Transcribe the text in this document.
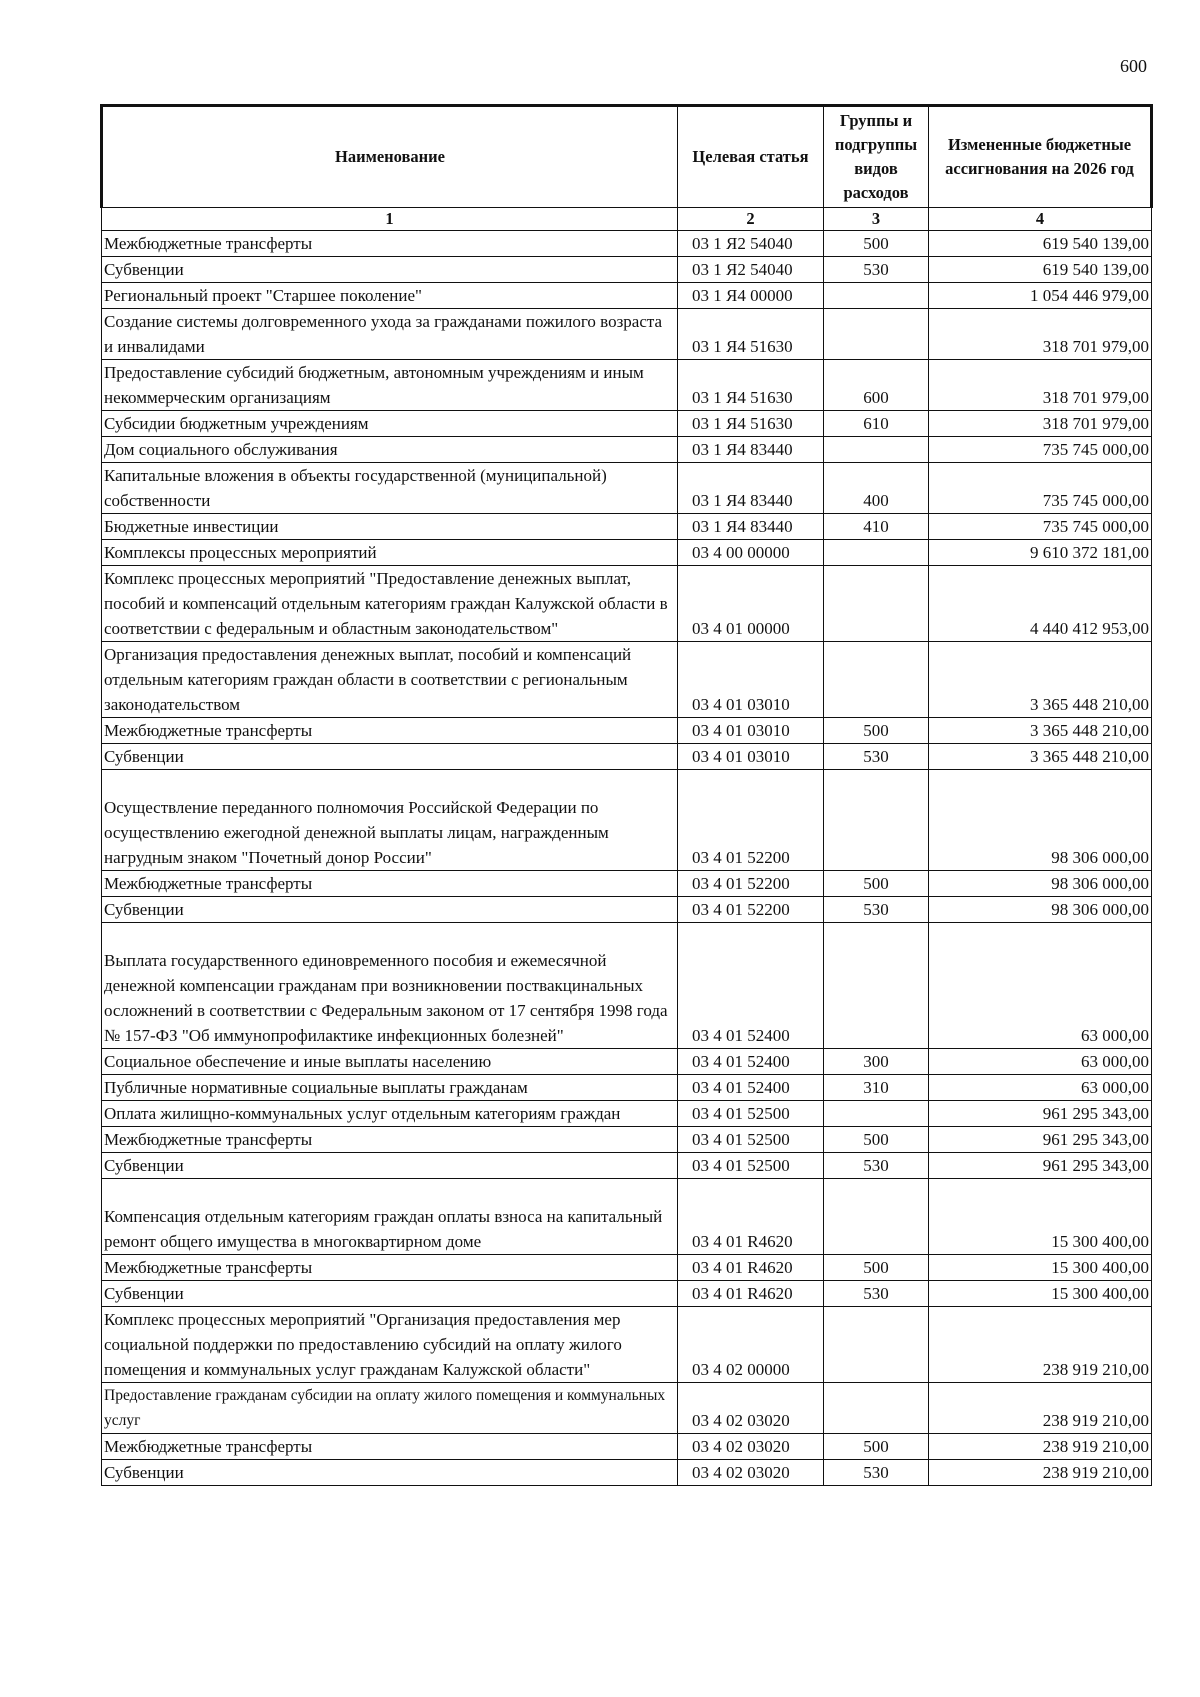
600
Наименование	Целевая статья	Группы и подгруппы видов расходов	Измененные бюджетные ассигнования на 2026 год
1	2	3	4
Межбюджетные трансферты	03 1 Я2 54040	500	619 540 139,00
Субвенции	03 1 Я2 54040	530	619 540 139,00
Региональный проект "Старшее поколение"	03 1 Я4 00000		1 054 446 979,00
Создание системы долговременного ухода за гражданами пожилого возраста и инвалидами	03 1 Я4 51630		318 701 979,00
Предоставление субсидий бюджетным, автономным учреждениям и иным некоммерческим организациям	03 1 Я4 51630	600	318 701 979,00
Субсидии бюджетным учреждениям	03 1 Я4 51630	610	318 701 979,00
Дом социального обслуживания	03 1 Я4 83440		735 745 000,00
Капитальные вложения в объекты государственной (муниципальной) собственности	03 1 Я4 83440	400	735 745 000,00
Бюджетные инвестиции	03 1 Я4 83440	410	735 745 000,00
Комплексы процессных мероприятий	03 4 00 00000		9 610 372 181,00
Комплекс процессных мероприятий "Предоставление денежных выплат, пособий и компенсаций отдельным категориям граждан Калужской области в соответствии с федеральным и областным законодательством"	03 4 01 00000		4 440 412 953,00
Организация предоставления денежных выплат, пособий и компенсаций отдельным категориям граждан области в соответствии с региональным законодательством	03 4 01 03010		3 365 448 210,00
Межбюджетные трансферты	03 4 01 03010	500	3 365 448 210,00
Субвенции	03 4 01 03010	530	3 365 448 210,00

Осуществление переданного полномочия Российской Федерации по осуществлению ежегодной денежной выплаты лицам, награжденным нагрудным знаком "Почетный донор России"	03 4 01 52200		98 306 000,00
Межбюджетные трансферты	03 4 01 52200	500	98 306 000,00
Субвенции	03 4 01 52200	530	98 306 000,00

Выплата государственного единовременного пособия и ежемесячной денежной компенсации гражданам при возникновении поствакцинальных осложнений в соответствии с Федеральным законом от 17 сентября 1998 года № 157-ФЗ "Об иммунопрофилактике инфекционных болезней"	03 4 01 52400		63 000,00
Социальное обеспечение и иные выплаты населению	03 4 01 52400	300	63 000,00
Публичные нормативные социальные выплаты гражданам	03 4 01 52400	310	63 000,00
Оплата жилищно-коммунальных услуг отдельным категориям граждан	03 4 01 52500		961 295 343,00
Межбюджетные трансферты	03 4 01 52500	500	961 295 343,00
Субвенции	03 4 01 52500	530	961 295 343,00

Компенсация отдельным категориям граждан оплаты взноса на капитальный ремонт общего имущества в многоквартирном доме	03 4 01 R4620		15 300 400,00
Межбюджетные трансферты	03 4 01 R4620	500	15 300 400,00
Субвенции	03 4 01 R4620	530	15 300 400,00
Комплекс процессных мероприятий "Организация предоставления мер социальной поддержки по предоставлению субсидий на оплату жилого помещения и коммунальных услуг гражданам Калужской области"	03 4 02 00000		238 919 210,00
Предоставление гражданам субсидии на оплату жилого помещения и коммунальных услуг	03 4 02 03020		238 919 210,00
Межбюджетные трансферты	03 4 02 03020	500	238 919 210,00
Субвенции	03 4 02 03020	530	238 919 210,00
